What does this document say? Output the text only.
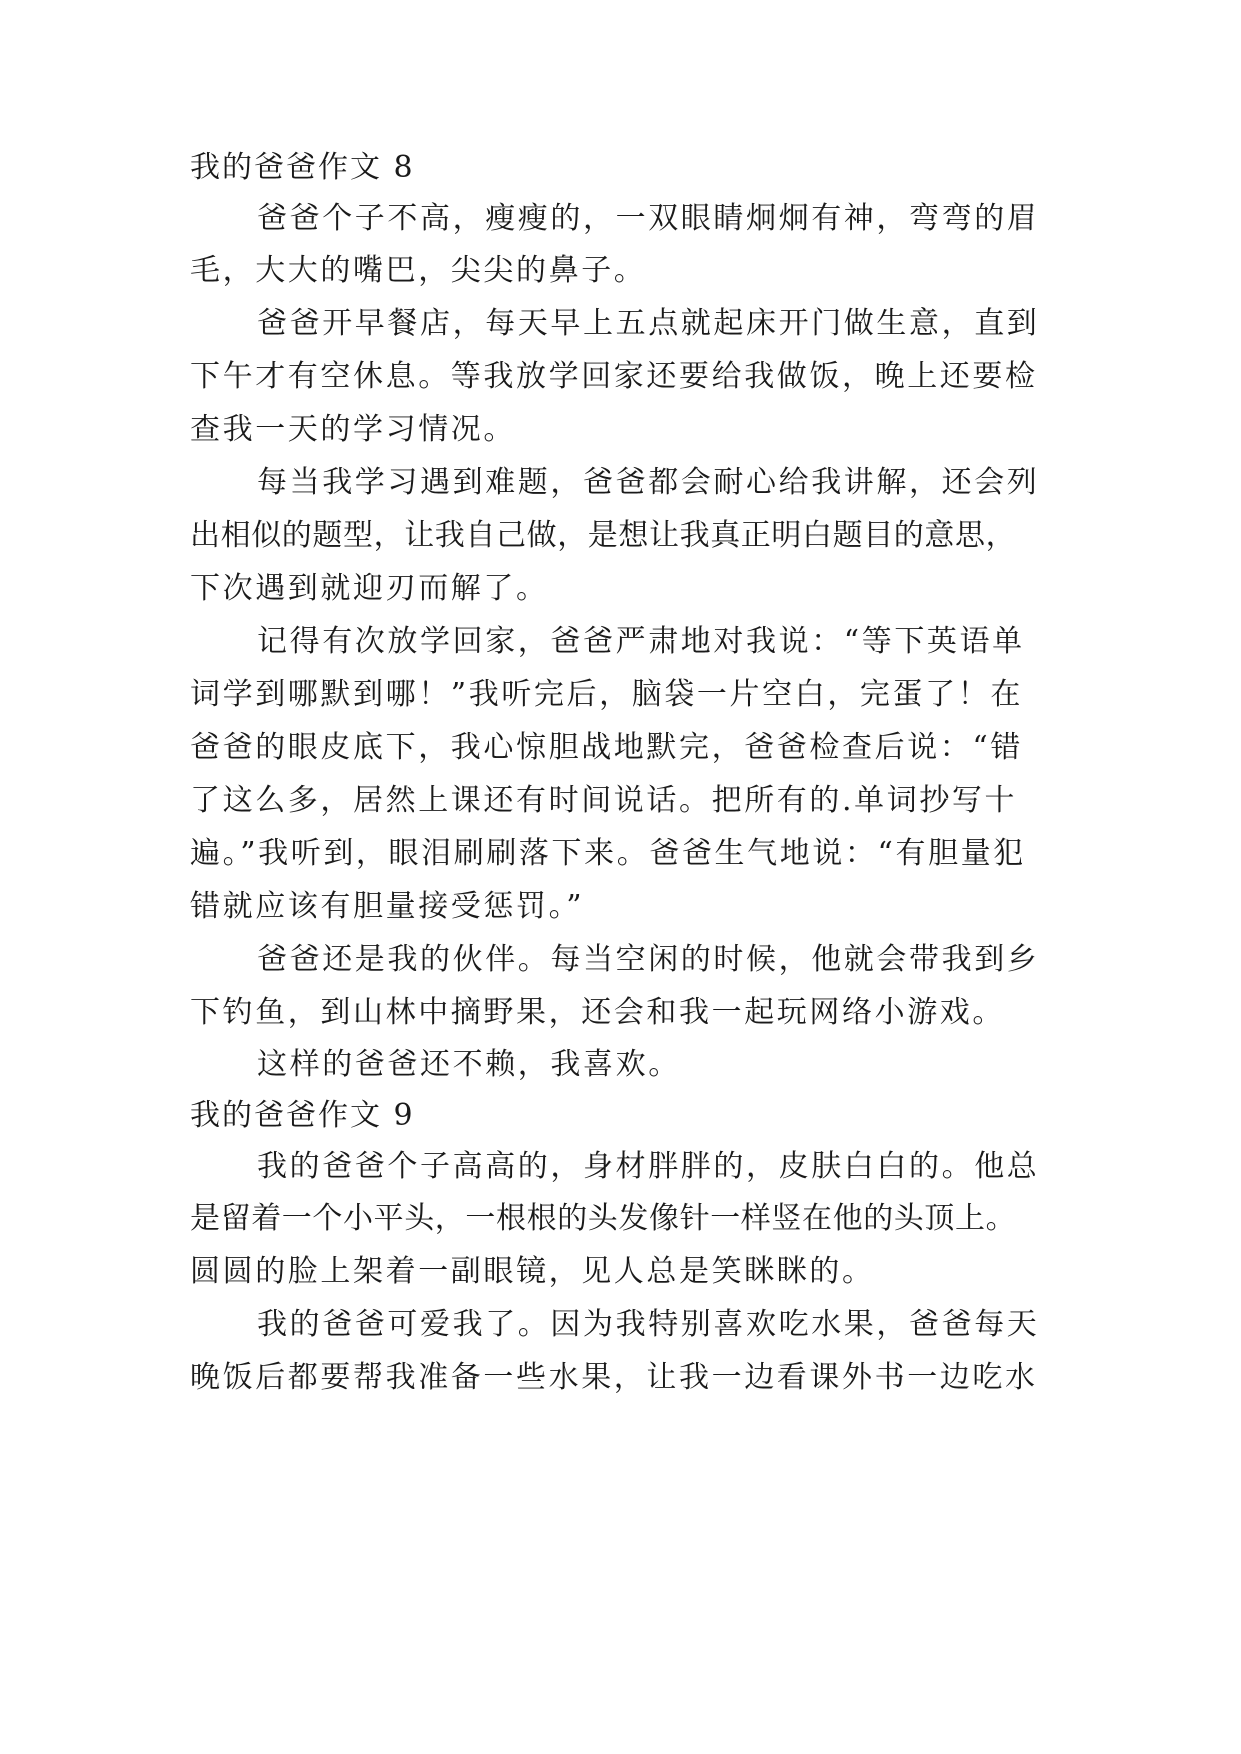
我的爸爸作文 8
爸爸个子不高，瘦瘦的，一双眼睛炯炯有神，弯弯的眉
毛，大大的嘴巴，尖尖的鼻子。
爸爸开早餐店，每天早上五点就起床开门做生意，直到
下午才有空休息。等我放学回家还要给我做饭，晚上还要检
查我一天的学习情况。
每当我学习遇到难题，爸爸都会耐心给我讲解，还会列
出相似的题型，让我自己做，是想让我真正明白题目的意思，
下次遇到就迎刃而解了。
记得有次放学回家，爸爸严肃地对我说：“等下英语单
词学到哪默到哪！”我听完后，脑袋一片空白，完蛋了！在
爸爸的眼皮底下，我心惊胆战地默完，爸爸检查后说：“错
了这么多，居然上课还有时间说话。把所有的.单词抄写十
遍。”我听到，眼泪刷刷落下来。爸爸生气地说：“有胆量犯
错就应该有胆量接受惩罚。”
爸爸还是我的伙伴。每当空闲的时候，他就会带我到乡
下钓鱼，到山林中摘野果，还会和我一起玩网络小游戏。
这样的爸爸还不赖，我喜欢。
我的爸爸作文 9
我的爸爸个子高高的，身材胖胖的，皮肤白白的。他总
是留着一个小平头，一根根的头发像针一样竖在他的头顶上。
圆圆的脸上架着一副眼镜，见人总是笑眯眯的。
我的爸爸可爱我了。因为我特别喜欢吃水果，爸爸每天
晚饭后都要帮我准备一些水果，让我一边看课外书一边吃水
